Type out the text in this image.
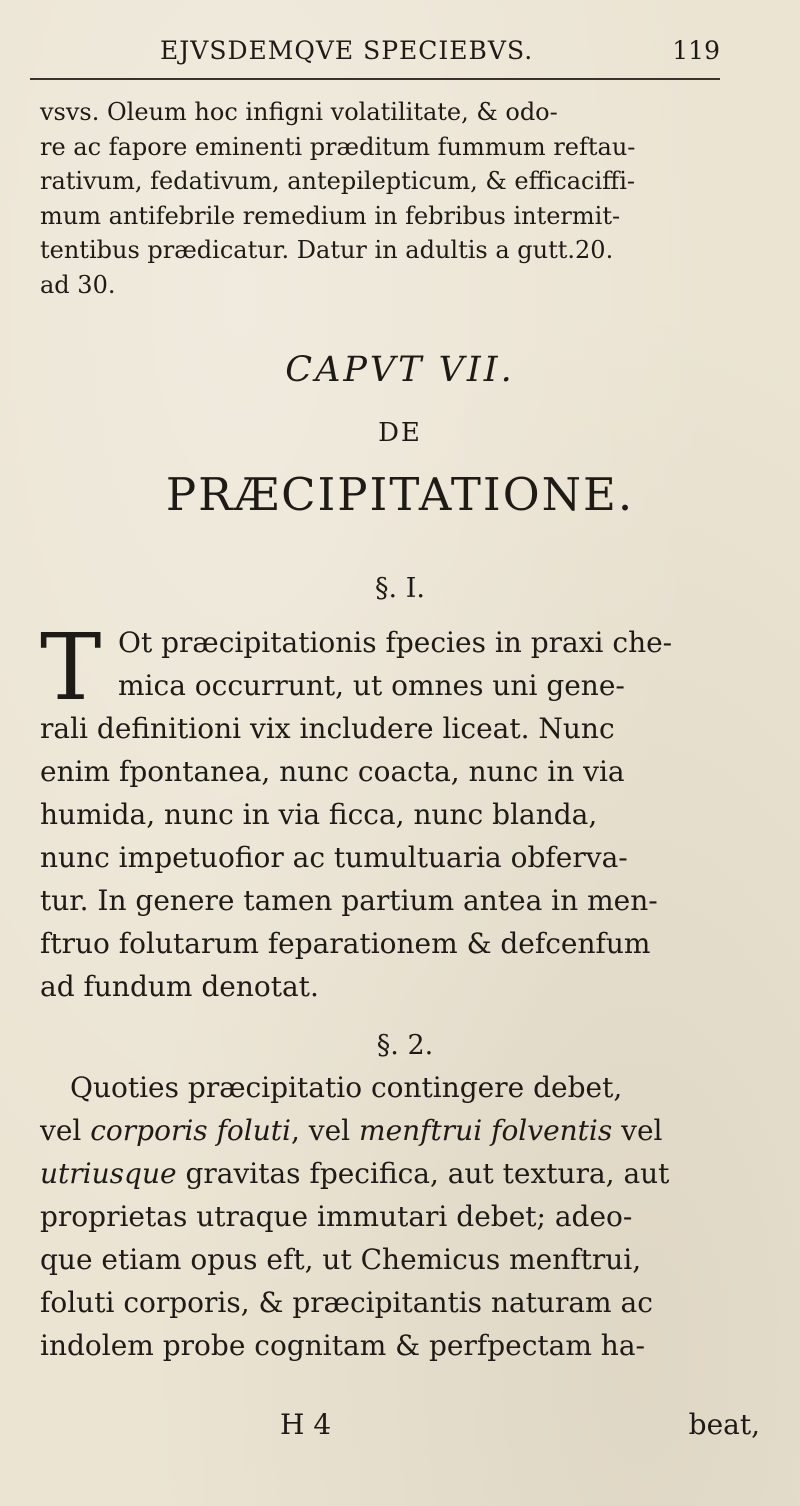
EJVSDEMQVE SPECIEBVS.	119
vsvs. Oleum hoc infigni volatilitate, & odo-
re ac fapore eminenti præditum fummum reftau-
rativum, fedativum, antepilepticum, & efficaciffi-
mum antifebrile remedium in febribus intermit-
tentibus prædicatur. Datur in adultis a gutt.20.
ad 30.
CAPVT VII.
DE
PRÆCIPITATIONE.
§. I.
T Ot præcipitationis fpecies in praxi che-
mica occurrunt, ut omnes uni gene-
rali definitioni vix includere liceat. Nunc
enim fpontanea, nunc coacta, nunc in via
humida, nunc in via ficca, nunc blanda,
nunc impetuofior ac tumultuaria obferva-
tur. In genere tamen partium antea in men-
ftruo folutarum feparationem & defcenfum
ad fundum denotat.
§. 2.
Quoties præcipitatio contingere debet,
vel corporis foluti, vel menftrui folventis vel
utriusque gravitas fpecifica, aut textura, aut
proprietas utraque immutari debet; adeo-
que etiam opus eft, ut Chemicus menftrui,
foluti corporis, & præcipitantis naturam ac
indolem probe cognitam & perfpectam ha-
H 4	beat,
